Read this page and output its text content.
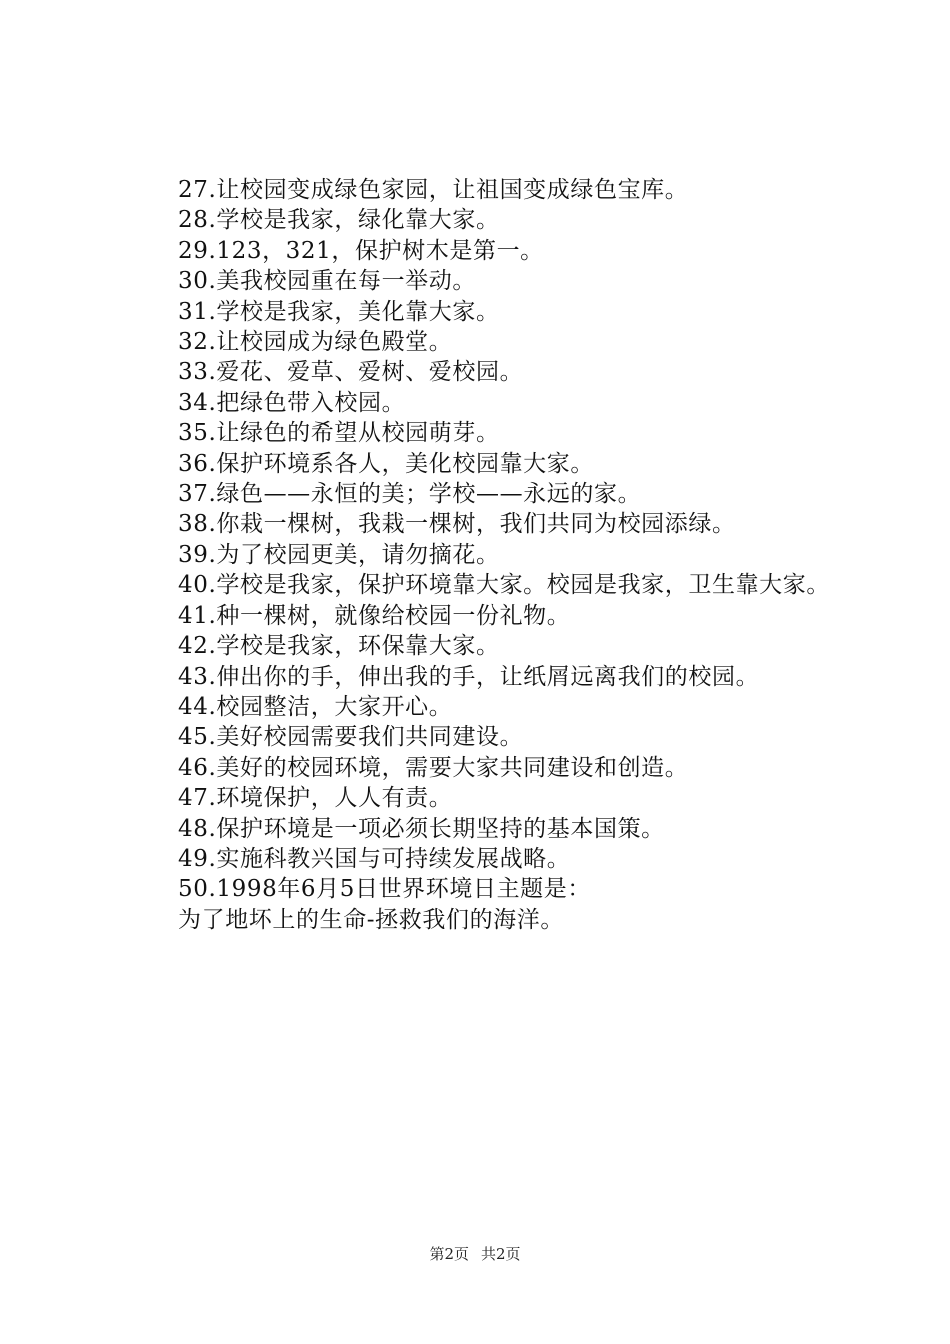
27.让校园变成绿色家园，让祖国变成绿色宝库。

28.学校是我家，绿化靠大家。

29.123，321，保护树木是第一。

30.美我校园重在每一举动。

31.学校是我家，美化靠大家。

32.让校园成为绿色殿堂。

33.爱花、爱草、爱树、爱校园。

34.把绿色带入校园。

35.让绿色的希望从校园萌芽。

36.保护环境系各人，美化校园靠大家。

37.绿色——永恒的美；学校——永远的家。

38.你栽一棵树，我栽一棵树，我们共同为校园添绿。

39.为了校园更美，请勿摘花。

40.学校是我家，保护环境靠大家。校园是我家，卫生靠大家。

41.种一棵树，就像给校园一份礼物。

42.学校是我家，环保靠大家。

43.伸出你的手，伸出我的手，让纸屑远离我们的校园。

44.校园整洁，大家开心。

45.美好校园需要我们共同建设。

46.美好的校园环境，需要大家共同建设和创造。

47.环境保护，人人有责。

48.保护环境是一项必须长期坚持的基本国策。

49.实施科教兴国与可持续发展战略。

50.1998年6月5日世界环境日主题是：

为了地坏上的生命-拯救我们的海洋。

第2页 共2页
